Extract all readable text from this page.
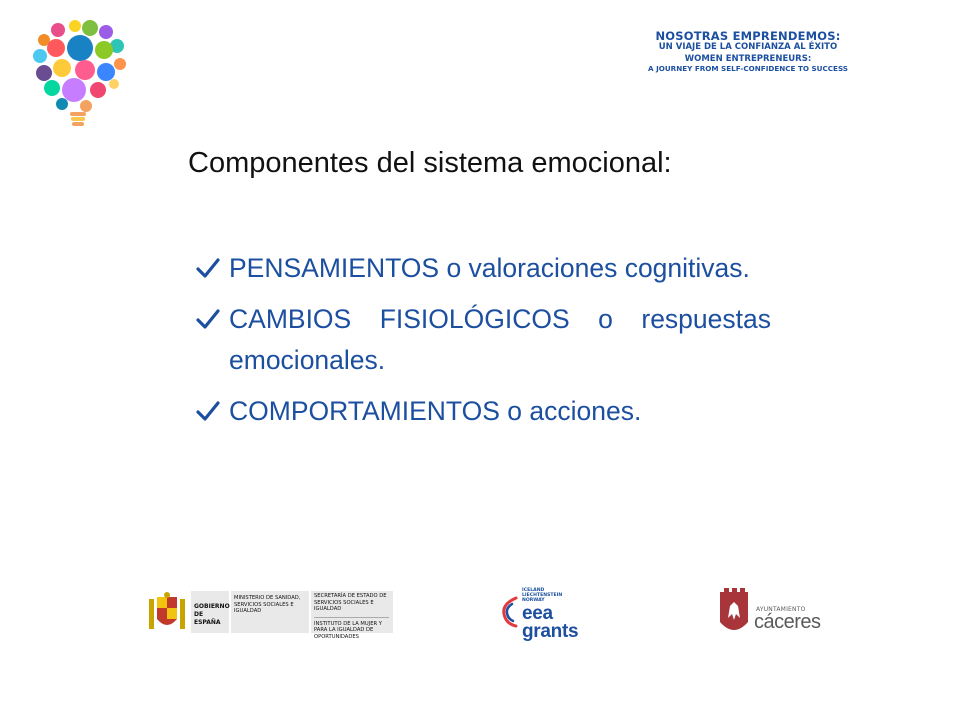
NOSOTRAS EMPRENDEMOS:
UN VIAJE DE LA CONFIANZA AL ÉXITO
WOMEN ENTREPRENEURS:
A JOURNEY FROM SELF-CONFIDENCE TO SUCCESS
Componentes del sistema emocional:
PENSAMIENTOS o valoraciones cognitivas.
CAMBIOS FISIOLÓGICOS o respuestas emocionales.
COMPORTAMIENTOS o acciones.
GOBIERNO DE ESPAÑA
MINISTERIO DE SANIDAD, SERVICIOS SOCIALES E IGUALDAD
SECRETARÍA DE ESTADO DE SERVICIOS SOCIALES E IGUALDAD
INSTITUTO DE LA MUJER Y PARA LA IGUALDAD DE OPORTUNIDADES
ICELAND
LIECHTENSTEIN
NORWAY
eea
grants
AYUNTAMIENTO
cáceres
